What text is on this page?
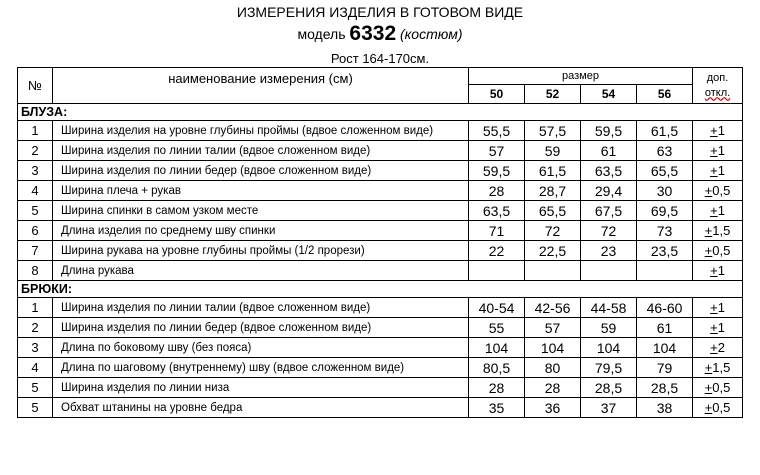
ИЗМЕРЕНИЯ ИЗДЕЛИЯ В ГОТОВОМ ВИДЕ
модель 6332 (костюм)
Рост 164-170см.
№	наименование измерения (см)	размер				доп.
откл.

		50	52	54	56	
БЛУЗА:						
1	Ширина изделия на уровне глубины проймы (вдвое сложенном виде)	55,5	57,5	59,5	61,5	+1
2	Ширина изделия по линии талии (вдвое сложенном виде)	57	59	61	63	+1
3	Ширина изделия по линии бедер (вдвое сложенном виде)	59,5	61,5	63,5	65,5	+1
4	Ширина плеча + рукав	28	28,7	29,4	30	+0,5
5	Ширина спинки в самом узком месте	63,5	65,5	67,5	69,5	+1
6	Длина изделия по среднему шву спинки	71	72	72	73	+1,5
7	Ширина рукава на уровне глубины проймы (1/2 прорези)	22	22,5	23	23,5	+0,5
8	Длина рукава					+1
БРЮКИ:						
1	Ширина изделия по линии талии (вдвое сложенном виде)	40-54	42-56	44-58	46-60	+1
2	Ширина изделия по линии бедер (вдвое сложенном виде)	55	57	59	61	+1
3	Длина по боковому шву (без пояса)	104	104	104	104	+2
4	Длина по шаговому (внутреннему) шву (вдвое сложенном виде)	80,5	80	79,5	79	+1,5
5	Ширина изделия по линии низа	28	28	28,5	28,5	+0,5
5	Обхват штанины на уровне бедра	35	36	37	38	+0,5
